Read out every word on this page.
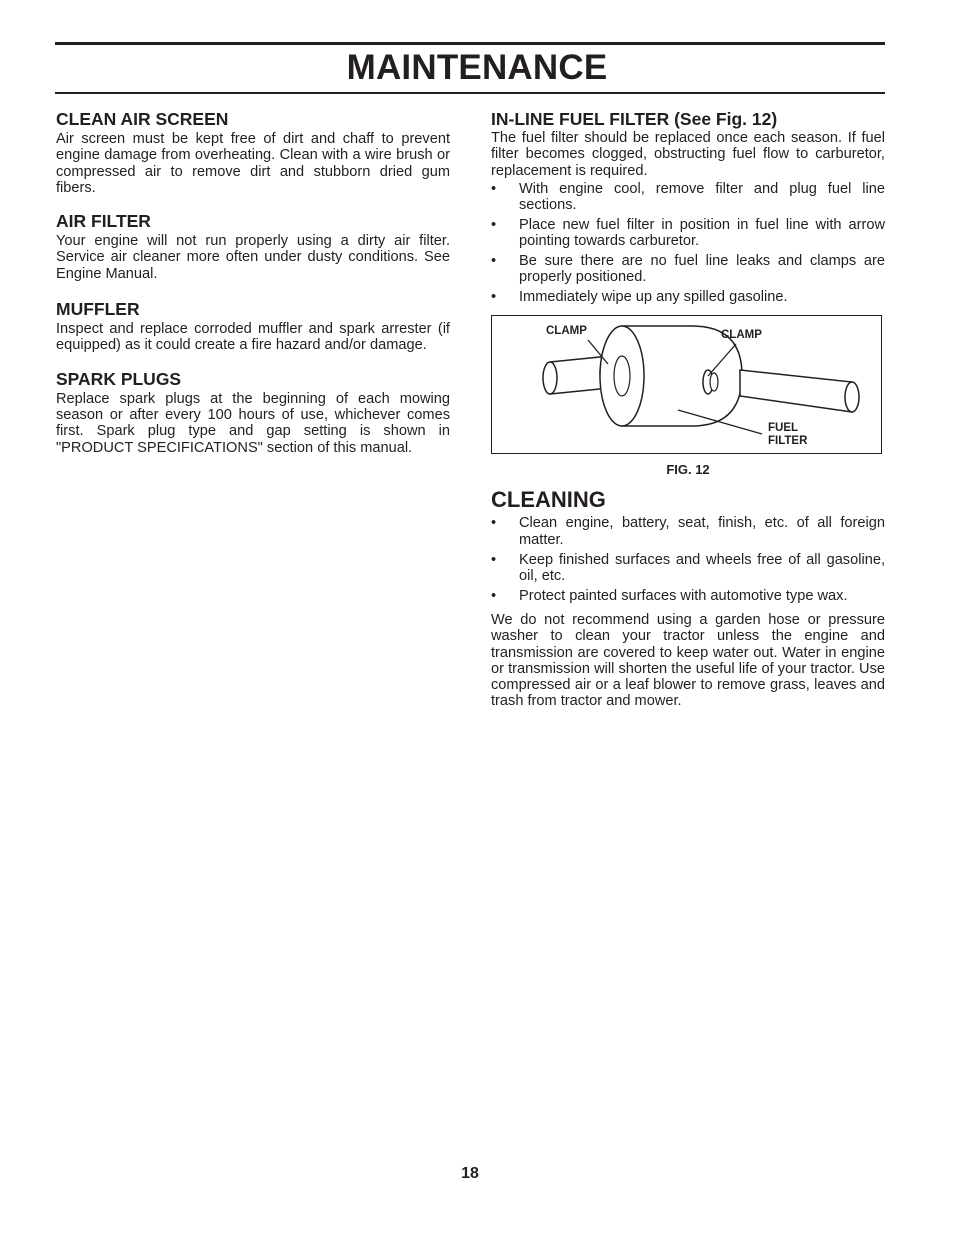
MAINTENANCE
CLEAN AIR SCREEN

Air screen must be kept free of dirt and chaff to prevent engine damage from overheating. Clean with a wire brush or compressed air to remove dirt and stubborn dried gum fibers.

AIR FILTER

Your engine will not run properly using a dirty air filter. Service air cleaner more often under dusty conditions. See Engine Manual.

MUFFLER

Inspect and replace corroded muffler and spark arrester (if equipped) as it could create a fire hazard and/or damage.

SPARK PLUGS

Replace spark plugs at the beginning of each mowing season or after every 100 hours of use, whichever comes first. Spark plug type and gap setting is shown in "PRODUCT SPECIFICATIONS" section of this manual.

IN-LINE FUEL FILTER (See Fig. 12)

The fuel filter should be replaced once each season. If fuel filter becomes clogged, obstructing fuel flow to carburetor, replacement is required.

• With engine cool, remove filter and plug fuel line sections.
• Place new fuel filter in position in fuel line with arrow pointing towards carburetor.
• Be sure there are no fuel line leaks and clamps are properly positioned.
• Immediately wipe up any spilled gasoline.
CLAMP	CLAMP
FUEL
FILTER
FIG. 12
CLEANING
• Clean engine, battery, seat, finish, etc. of all foreign matter.
• Keep finished surfaces and wheels free of all gasoline, oil, etc.
• Protect painted surfaces with automotive type wax.

We do not recommend using a garden hose or pressure washer to clean your tractor unless the engine and transmission are covered to keep water out. Water in engine or transmission will shorten the useful life of your tractor. Use compressed air or a leaf blower to remove grass, leaves and trash from tractor and mower.

18
